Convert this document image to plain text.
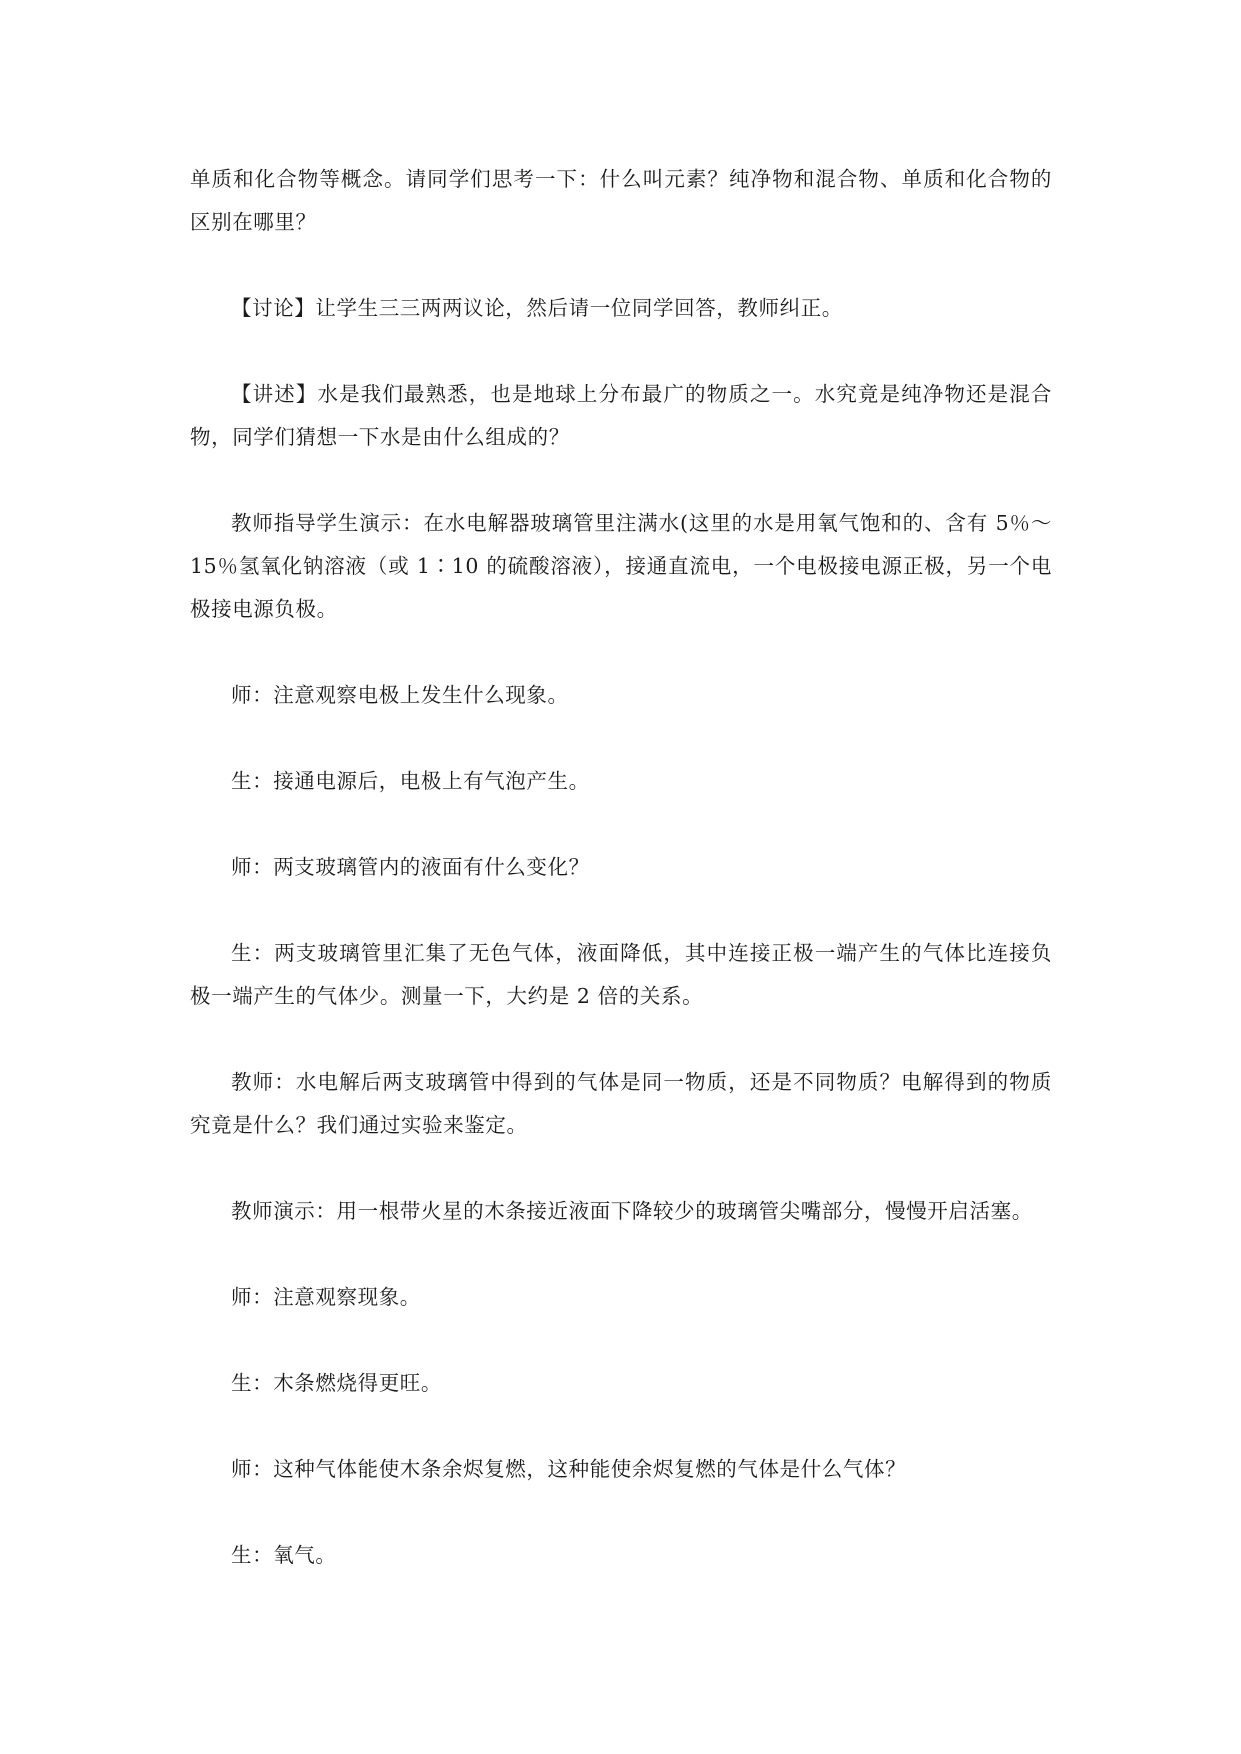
单质和化合物等概念。请同学们思考一下：什么叫元素？纯净物和混合物、单质和化合物的区别在哪里？

【讨论】让学生三三两两议论，然后请一位同学回答，教师纠正。

【讲述】水是我们最熟悉，也是地球上分布最广的物质之一。水究竟是纯净物还是混合物，同学们猜想一下水是由什么组成的？

教师指导学生演示：在水电解器玻璃管里注满水(这里的水是用氧气饱和的、含有 5％～15％氢氧化钠溶液（或 1∶10 的硫酸溶液），接通直流电，一个电极接电源正极，另一个电极接电源负极。

师：注意观察电极上发生什么现象。

生：接通电源后，电极上有气泡产生。

师：两支玻璃管内的液面有什么变化？

生：两支玻璃管里汇集了无色气体，液面降低，其中连接正极一端产生的气体比连接负极一端产生的气体少。测量一下，大约是 2 倍的关系。

教师：水电解后两支玻璃管中得到的气体是同一物质，还是不同物质？电解得到的物质究竟是什么？我们通过实验来鉴定。

教师演示：用一根带火星的木条接近液面下降较少的玻璃管尖嘴部分，慢慢开启活塞。

师：注意观察现象。

生：木条燃烧得更旺。

师：这种气体能使木条余烬复燃，这种能使余烬复燃的气体是什么气体？

生：氧气。
